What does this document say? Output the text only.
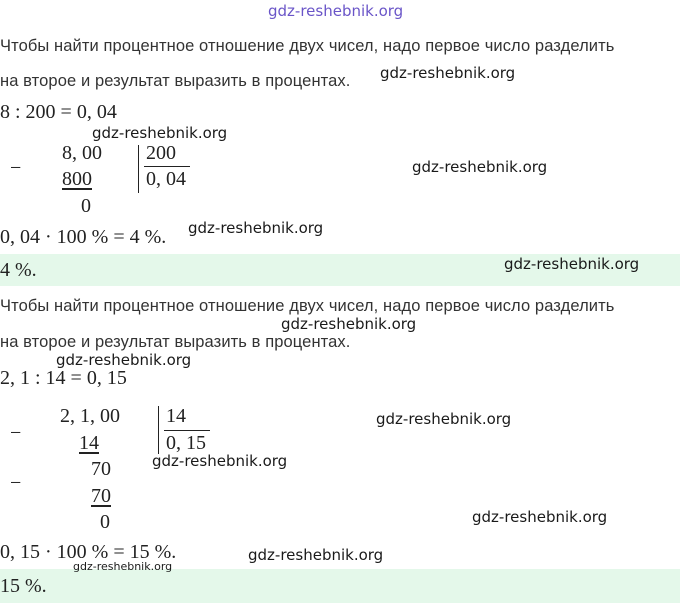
gdz-reshebnik.org
Чтобы найти процентное отношение двух чисел, надо первое число разделить
на второе и результат выразить в процентах. gdz-reshebnik.org
8 : 200 = 0, 04
gdz-reshebnik.org
−
8, 00
800
0
200
0, 04
gdz-reshebnik.org
0, 04 · 100 % = 4 %. gdz-reshebnik.org
4 %.	gdz-reshebnik.org
Чтобы найти процентное отношение двух чисел, надо первое число разделить
gdz-reshebnik.org
на второе и результат выразить в процентах.
gdz-reshebnik.org
2, 1 : 14 = 0, 15
−
2, 1, 00
14
70
−
70
0
14
0, 15
gdz-reshebnik.org
gdz-reshebnik.org
gdz-reshebnik.org
0, 15 · 100 % = 15 %.	gdz-reshebnik.org
gdz-reshebnik.org
15 %.
